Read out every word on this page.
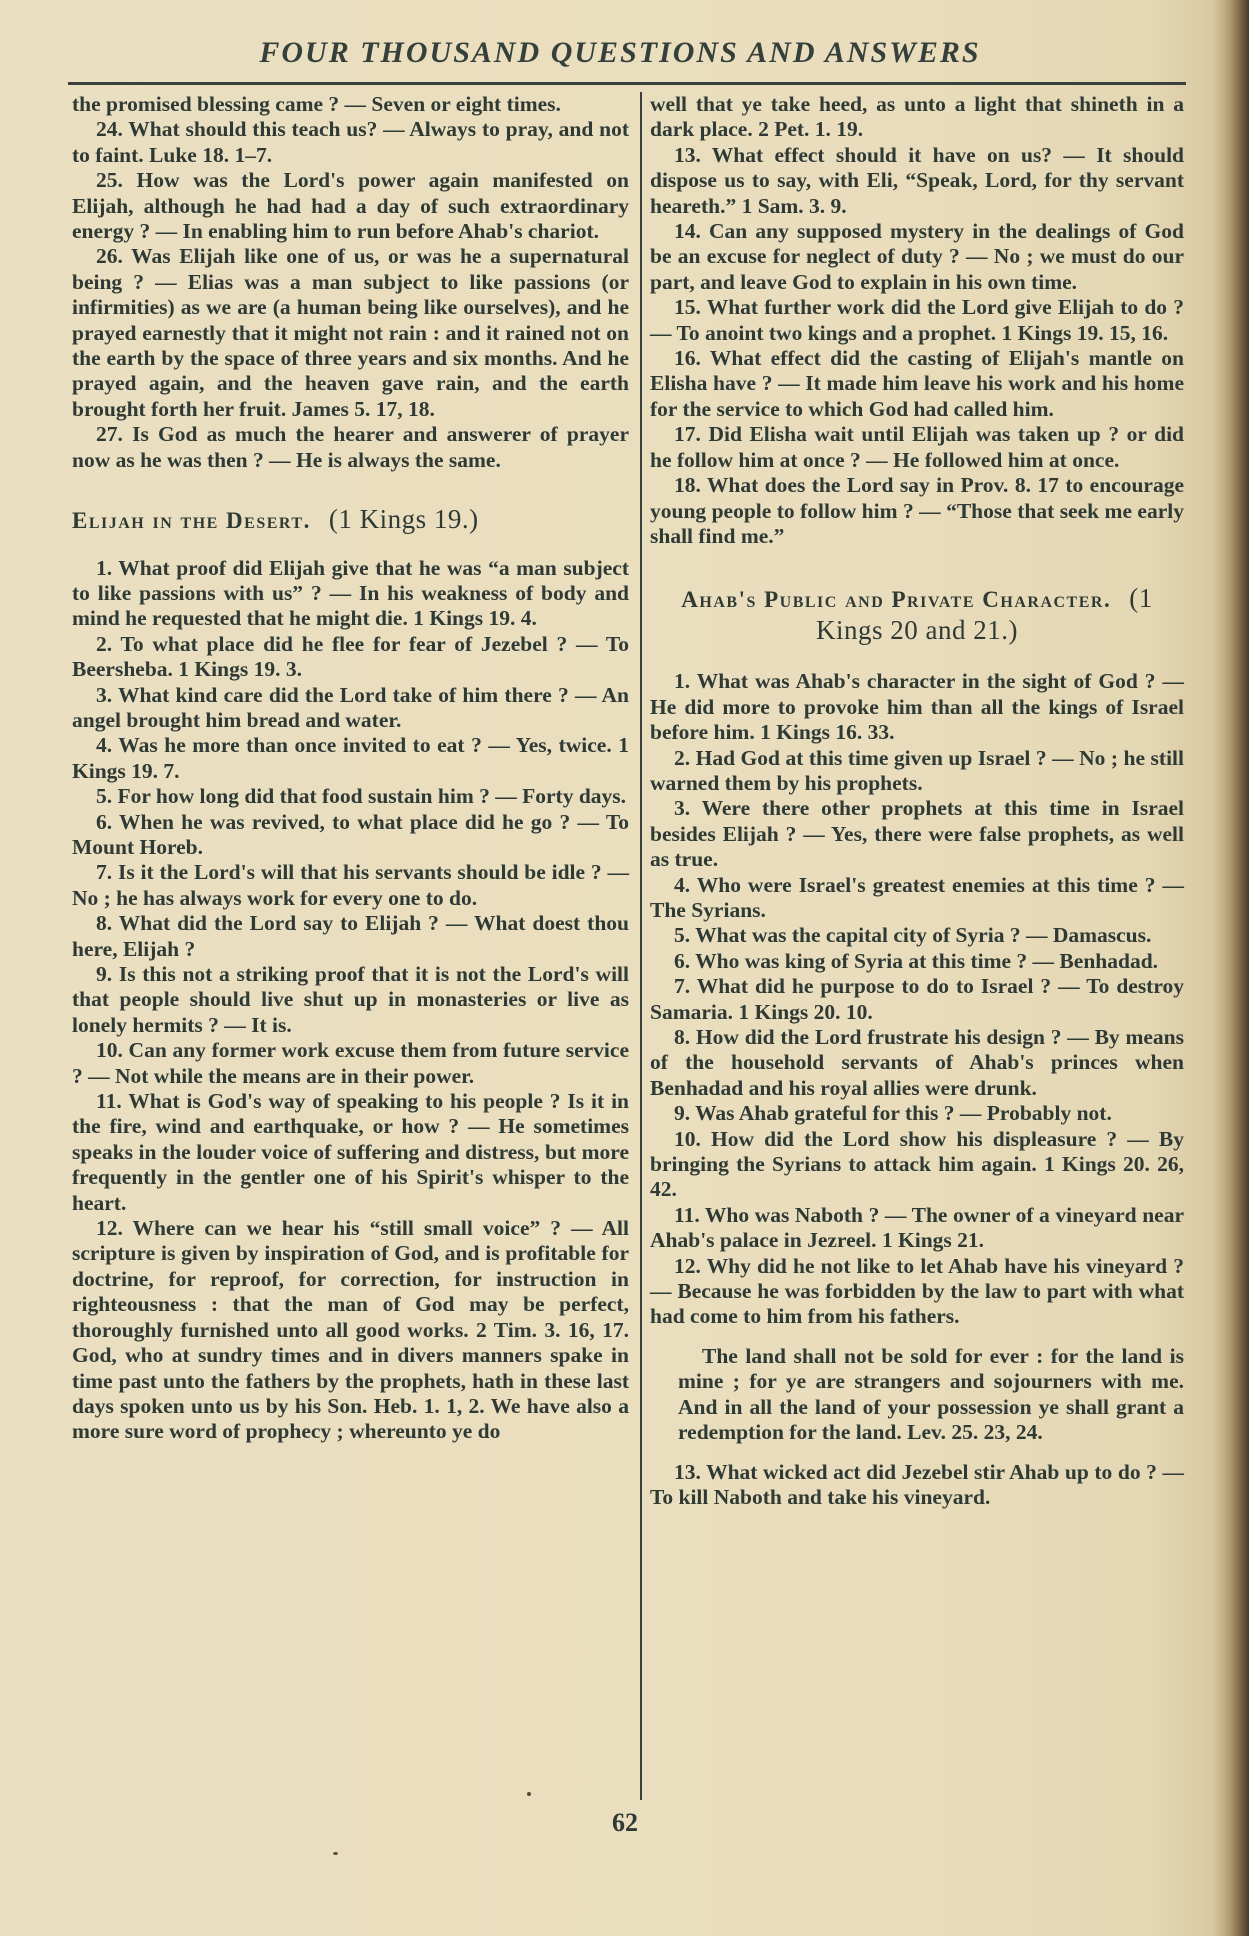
FOUR THOUSAND QUESTIONS AND ANSWERS

the promised blessing came ? — Seven or eight times.

24. What should this teach us? — Always to pray, and not to faint. Luke 18. 1–7.

25. How was the Lord's power again manifested on Elijah, although he had had a day of such extraordinary energy ? — In enabling him to run before Ahab's chariot.

26. Was Elijah like one of us, or was he a supernatural being ? — Elias was a man subject to like passions (or infirmities) as we are (a human being like ourselves), and he prayed earnestly that it might not rain : and it rained not on the earth by the space of three years and six months. And he prayed again, and the heaven gave rain, and the earth brought forth her fruit. James 5. 17, 18.

27. Is God as much the hearer and answerer of prayer now as he was then ? — He is always the same.

Elijah in the Desert. (1 Kings 19.)

1. What proof did Elijah give that he was “a man subject to like passions with us” ? — In his weakness of body and mind he requested that he might die. 1 Kings 19. 4.

2. To what place did he flee for fear of Jezebel ? — To Beersheba. 1 Kings 19. 3.

3. What kind care did the Lord take of him there ? — An angel brought him bread and water.

4. Was he more than once invited to eat ? — Yes, twice. 1 Kings 19. 7.

5. For how long did that food sustain him ? — Forty days.

6. When he was revived, to what place did he go ? — To Mount Horeb.

7. Is it the Lord's will that his servants should be idle ? — No ; he has always work for every one to do.

8. What did the Lord say to Elijah ? — What doest thou here, Elijah ?

9. Is this not a striking proof that it is not the Lord's will that people should live shut up in monasteries or live as lonely hermits ? — It is.

10. Can any former work excuse them from future service ? — Not while the means are in their power.

11. What is God's way of speaking to his people ? Is it in the fire, wind and earthquake, or how ? — He sometimes speaks in the louder voice of suffering and distress, but more frequently in the gentler one of his Spirit's whisper to the heart.

12. Where can we hear his “still small voice” ? — All scripture is given by inspiration of God, and is profitable for doctrine, for reproof, for correction, for instruction in righteousness : that the man of God may be perfect, thoroughly furnished unto all good works. 2 Tim. 3. 16, 17. God, who at sundry times and in divers manners spake in time past unto the fathers by the prophets, hath in these last days spoken unto us by his Son. Heb. 1. 1, 2. We have also a more sure word of prophecy ; whereunto ye do

well that ye take heed, as unto a light that shineth in a dark place. 2 Pet. 1. 19.

13. What effect should it have on us? — It should dispose us to say, with Eli, “Speak, Lord, for thy servant heareth.” 1 Sam. 3. 9.

14. Can any supposed mystery in the dealings of God be an excuse for neglect of duty ? — No ; we must do our part, and leave God to explain in his own time.

15. What further work did the Lord give Elijah to do ? — To anoint two kings and a prophet. 1 Kings 19. 15, 16.

16. What effect did the casting of Elijah's mantle on Elisha have ? — It made him leave his work and his home for the service to which God had called him.

17. Did Elisha wait until Elijah was taken up ? or did he follow him at once ? — He followed him at once.

18. What does the Lord say in Prov. 8. 17 to encourage young people to follow him ? — “Those that seek me early shall find me.”

Ahab's Public and Private Character. (1 Kings 20 and 21.)

1. What was Ahab's character in the sight of God ? — He did more to provoke him than all the kings of Israel before him. 1 Kings 16. 33.

2. Had God at this time given up Israel ? — No ; he still warned them by his prophets.

3. Were there other prophets at this time in Israel besides Elijah ? — Yes, there were false prophets, as well as true.

4. Who were Israel's greatest enemies at this time ? — The Syrians.

5. What was the capital city of Syria ? — Damascus.

6. Who was king of Syria at this time ? — Benhadad.

7. What did he purpose to do to Israel ? — To destroy Samaria. 1 Kings 20. 10.

8. How did the Lord frustrate his design ? — By means of the household servants of Ahab's princes when Benhadad and his royal allies were drunk.

9. Was Ahab grateful for this ? — Probably not.

10. How did the Lord show his displeasure ? — By bringing the Syrians to attack him again. 1 Kings 20. 26, 42.

11. Who was Naboth ? — The owner of a vineyard near Ahab's palace in Jezreel. 1 Kings 21.

12. Why did he not like to let Ahab have his vineyard ? — Because he was forbidden by the law to part with what had come to him from his fathers.

The land shall not be sold for ever : for the land is mine ; for ye are strangers and sojourners with me. And in all the land of your possession ye shall grant a redemption for the land. Lev. 25. 23, 24.

13. What wicked act did Jezebel stir Ahab up to do ? — To kill Naboth and take his vineyard.

62
